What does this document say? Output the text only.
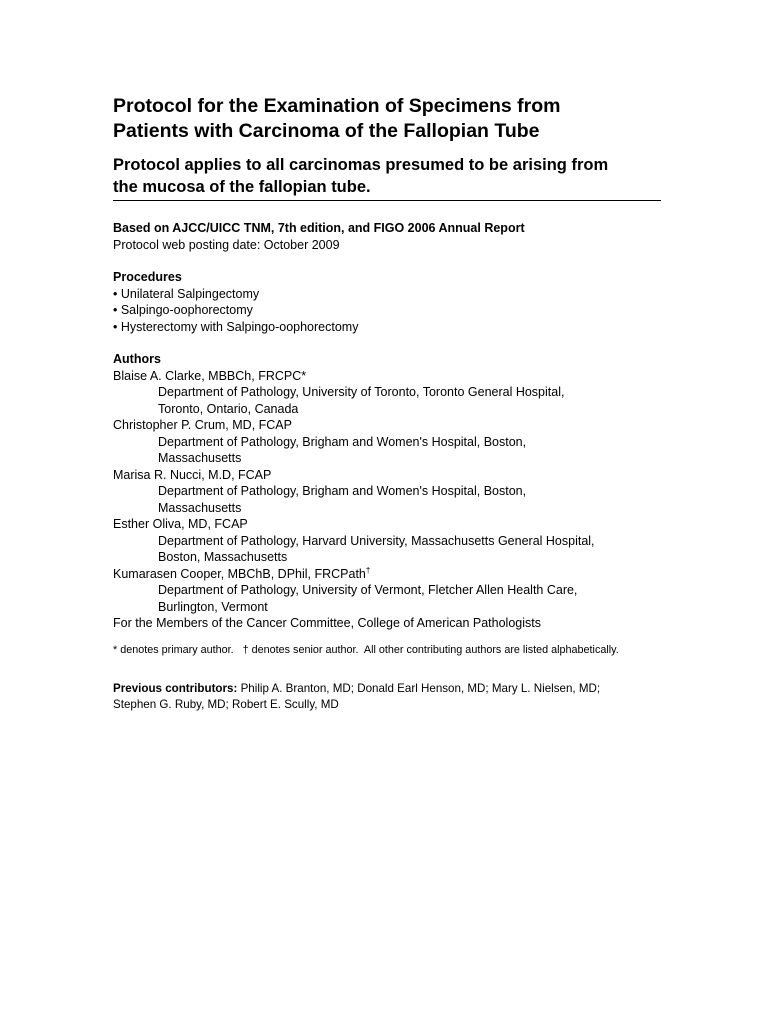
Protocol for the Examination of Specimens from
Patients with Carcinoma of the Fallopian Tube
Protocol applies to all carcinomas presumed to be arising from
the mucosa of the fallopian tube.
Based on AJCC/UICC TNM, 7th edition, and FIGO 2006 Annual Report
Protocol web posting date: October 2009
Procedures
• Unilateral Salpingectomy
• Salpingo-oophorectomy
• Hysterectomy with Salpingo-oophorectomy
Authors
Blaise A. Clarke, MBBCh, FRCPC*
Department of Pathology, University of Toronto, Toronto General Hospital,
Toronto, Ontario, Canada
Christopher P. Crum, MD, FCAP
Department of Pathology, Brigham and Women's Hospital, Boston,
Massachusetts
Marisa R. Nucci, M.D, FCAP
Department of Pathology, Brigham and Women's Hospital, Boston,
Massachusetts
Esther Oliva, MD, FCAP
Department of Pathology, Harvard University, Massachusetts General Hospital,
Boston, Massachusetts
Kumarasen Cooper, MBChB, DPhil, FRCPath†
Department of Pathology, University of Vermont, Fletcher Allen Health Care,
Burlington, Vermont
For the Members of the Cancer Committee, College of American Pathologists
* denotes primary author.   † denotes senior author.  All other contributing authors are listed alphabetically.
Previous contributors: Philip A. Branton, MD; Donald Earl Henson, MD; Mary L. Nielsen, MD;
Stephen G. Ruby, MD; Robert E. Scully, MD
